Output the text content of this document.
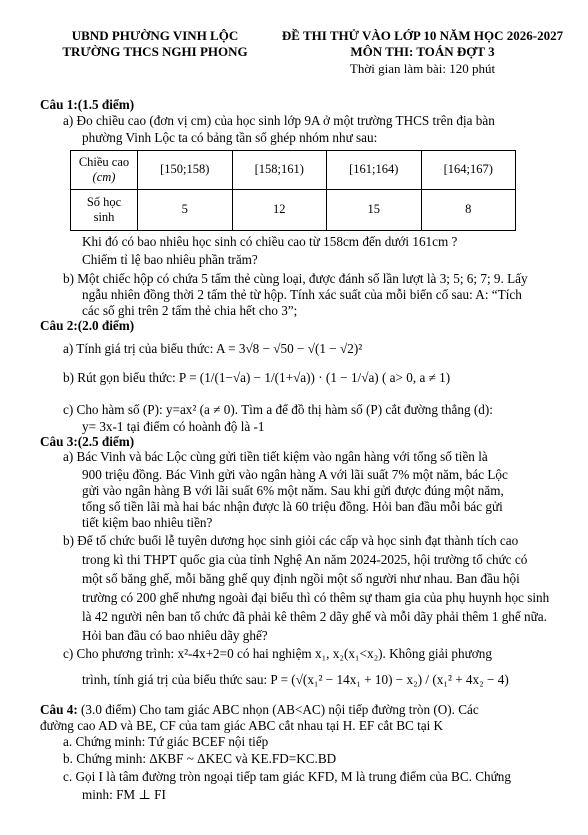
UBND PHƯỜNG VINH LỘC
TRƯỜNG THCS NGHI PHONG
ĐỀ THI THỬ VÀO LỚP 10 NĂM HỌC 2026-2027
MÔN THI: TOÁN ĐỢT 3
Thời gian làm bài: 120 phút
Câu 1:(1.5 điểm)
a) Đo chiều cao (đơn vị cm) của học sinh lớp 9A ở một trường THCS trên địa bàn
phường Vinh Lộc ta có bảng tần số ghép nhóm như sau:
Chiều cao
(cm)	[150;158)	[158;161)	[161;164)	[164;167)

Số học
sinh	5	12	15	8
Khi đó có bao nhiêu học sinh có chiều cao từ 158cm đến dưới 161cm ?
Chiếm tỉ lệ bao nhiêu phần trăm?
b) Một chiếc hộp có chứa 5 tấm thẻ cùng loại, được đánh số lần lượt là 3; 5; 6; 7; 9. Lấy
ngẫu nhiên đồng thời 2 tấm thẻ từ hộp. Tính xác suất của mỗi biến cố sau: A: “Tích
các số ghi trên 2 tấm thẻ chia hết cho 3”;
Câu 2:(2.0 điểm)
a) Tính giá trị của biểu thức: A = 3√8 − √50 − √(1 − √2)²
b) Rút gọn biểu thức: P = (1/(1−√a) − 1/(1+√a)) · (1 − 1/√a) ( a> 0, a ≠ 1)
c) Cho hàm số (P): y=ax² (a ≠ 0). Tìm a để đồ thị hàm số (P) cắt đường thẳng (d):
y= 3x-1 tại điểm có hoành độ là -1
Câu 3:(2.5 điểm)
a) Bác Vinh và bác Lộc cùng gửi tiền tiết kiệm vào ngân hàng với tổng số tiền là
900 triệu đồng. Bác Vinh gửi vào ngân hàng A với lãi suất 7% một năm, bác Lộc
gửi vào ngân hàng B với lãi suất 6% một năm. Sau khi gửi được đúng một năm,
tổng số tiền lãi mà hai bác nhận được là 60 triệu đồng. Hỏi ban đầu mỗi bác gửi
tiết kiệm bao nhiêu tiền?
b) Để tổ chức buổi lễ tuyên dương học sinh giỏi các cấp và học sinh đạt thành tích cao
trong kì thi THPT quốc gia của tỉnh Nghệ An năm 2024-2025, hội trường tổ chức có
một số băng ghế, mỗi băng ghế quy định ngồi một số người như nhau. Ban đầu hội
trường có 200 ghế nhưng ngoài đại biểu thì có thêm sự tham gia của phụ huynh học sinh
là 42 người nên ban tổ chức đã phải kê thêm 2 dãy ghế và mỗi dãy phải thêm 1 ghế nữa.
Hỏi ban đầu có bao nhiêu dãy ghế?
c) Cho phương trình: x²-4x+2=0 có hai nghiệm x₁, x₂(x₁<x₂). Không giải phương
trình, tính giá trị của biểu thức sau: P = (√(x₁² − 14x₁ + 10) − x₂) / (x₁² + 4x₂ − 4)
Câu 4: (3.0 điểm) Cho tam giác ABC nhọn (AB<AC) nội tiếp đường tròn (O). Các
đường cao AD và BE, CF của tam giác ABC cắt nhau tại H. EF cắt BC tại K
a. Chứng minh: Tứ giác BCEF nội tiếp
b. Chứng minh: ΔKBF ~ ΔKEC và KE.FD=KC.BD
c. Gọi I là tâm đường tròn ngoại tiếp tam giác KFD, M là trung điểm của BC. Chứng
minh: FM ⊥ FI
